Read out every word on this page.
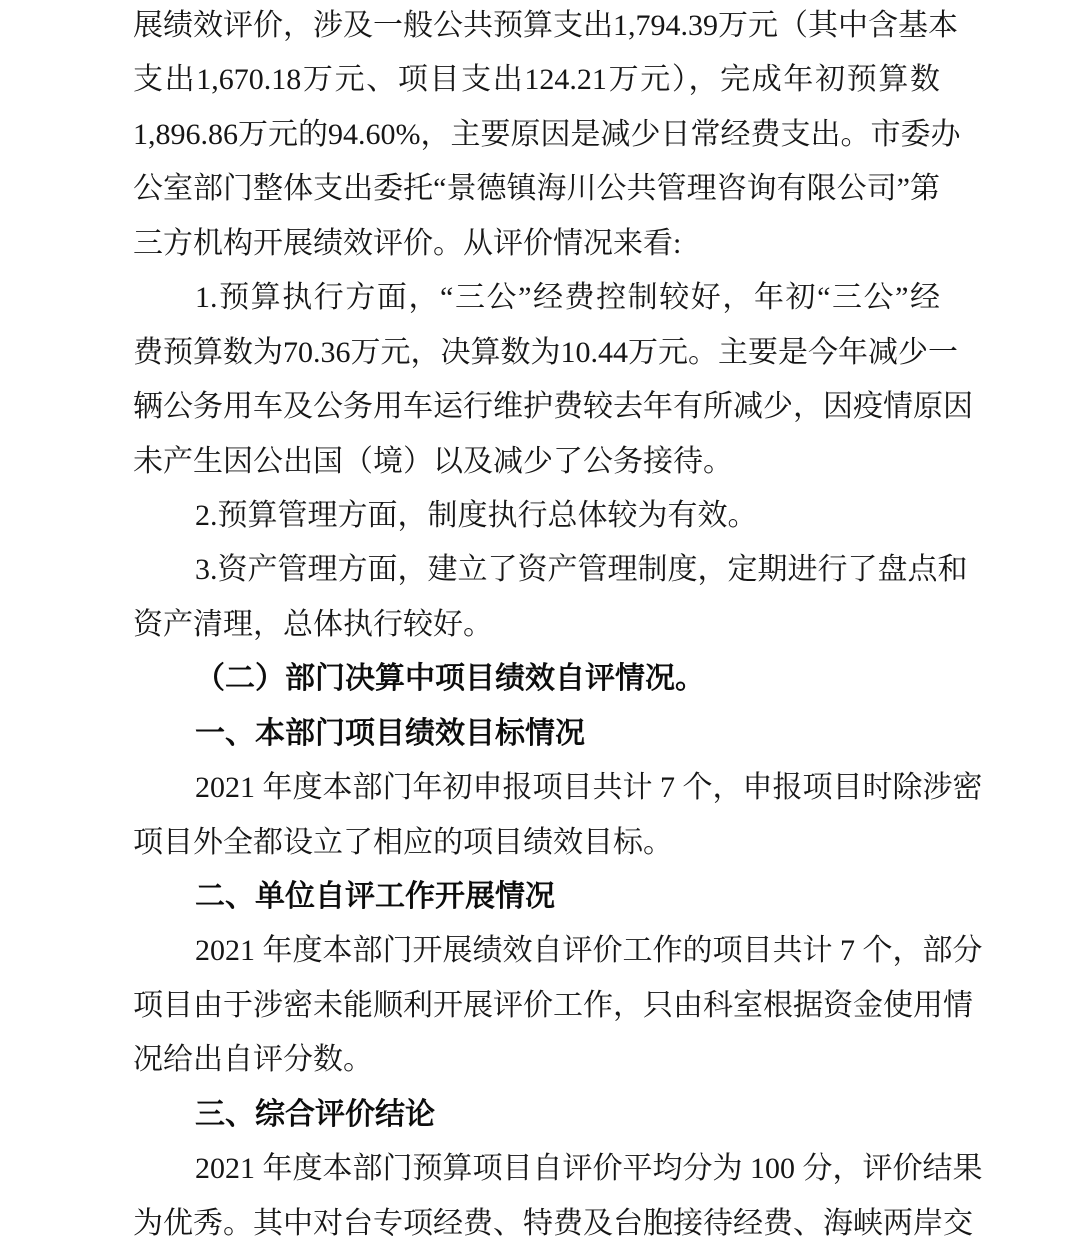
展绩效评价，涉及一般公共预算支出1,794.39万元（其中含基本
支出1,670.18万元、项目支出124.21万元），完成年初预算数
1,896.86万元的94.60%，主要原因是减少日常经费支出。市委办
公室部门整体支出委托“景德镇海川公共管理咨询有限公司”第
三方机构开展绩效评价。从评价情况来看:
1.预算执行方面，“三公”经费控制较好，年初“三公”经
费预算数为70.36万元，决算数为10.44万元。主要是今年减少一
辆公务用车及公务用车运行维护费较去年有所减少，因疫情原因
未产生因公出国（境）以及减少了公务接待。
2.预算管理方面，制度执行总体较为有效。
3.资产管理方面，建立了资产管理制度，定期进行了盘点和
资产清理，总体执行较好。
（二）部门决算中项目绩效自评情况。
一、本部门项目绩效目标情况
2021 年度本部门年初申报项目共计 7 个，申报项目时除涉密
项目外全都设立了相应的项目绩效目标。
二、单位自评工作开展情况
2021 年度本部门开展绩效自评价工作的项目共计 7 个，部分
项目由于涉密未能顺利开展评价工作，只由科室根据资金使用情
况给出自评分数。
三、综合评价结论
2021 年度本部门预算项目自评价平均分为 100 分，评价结果
为优秀。其中对台专项经费、特费及台胞接待经费、海峡两岸交
